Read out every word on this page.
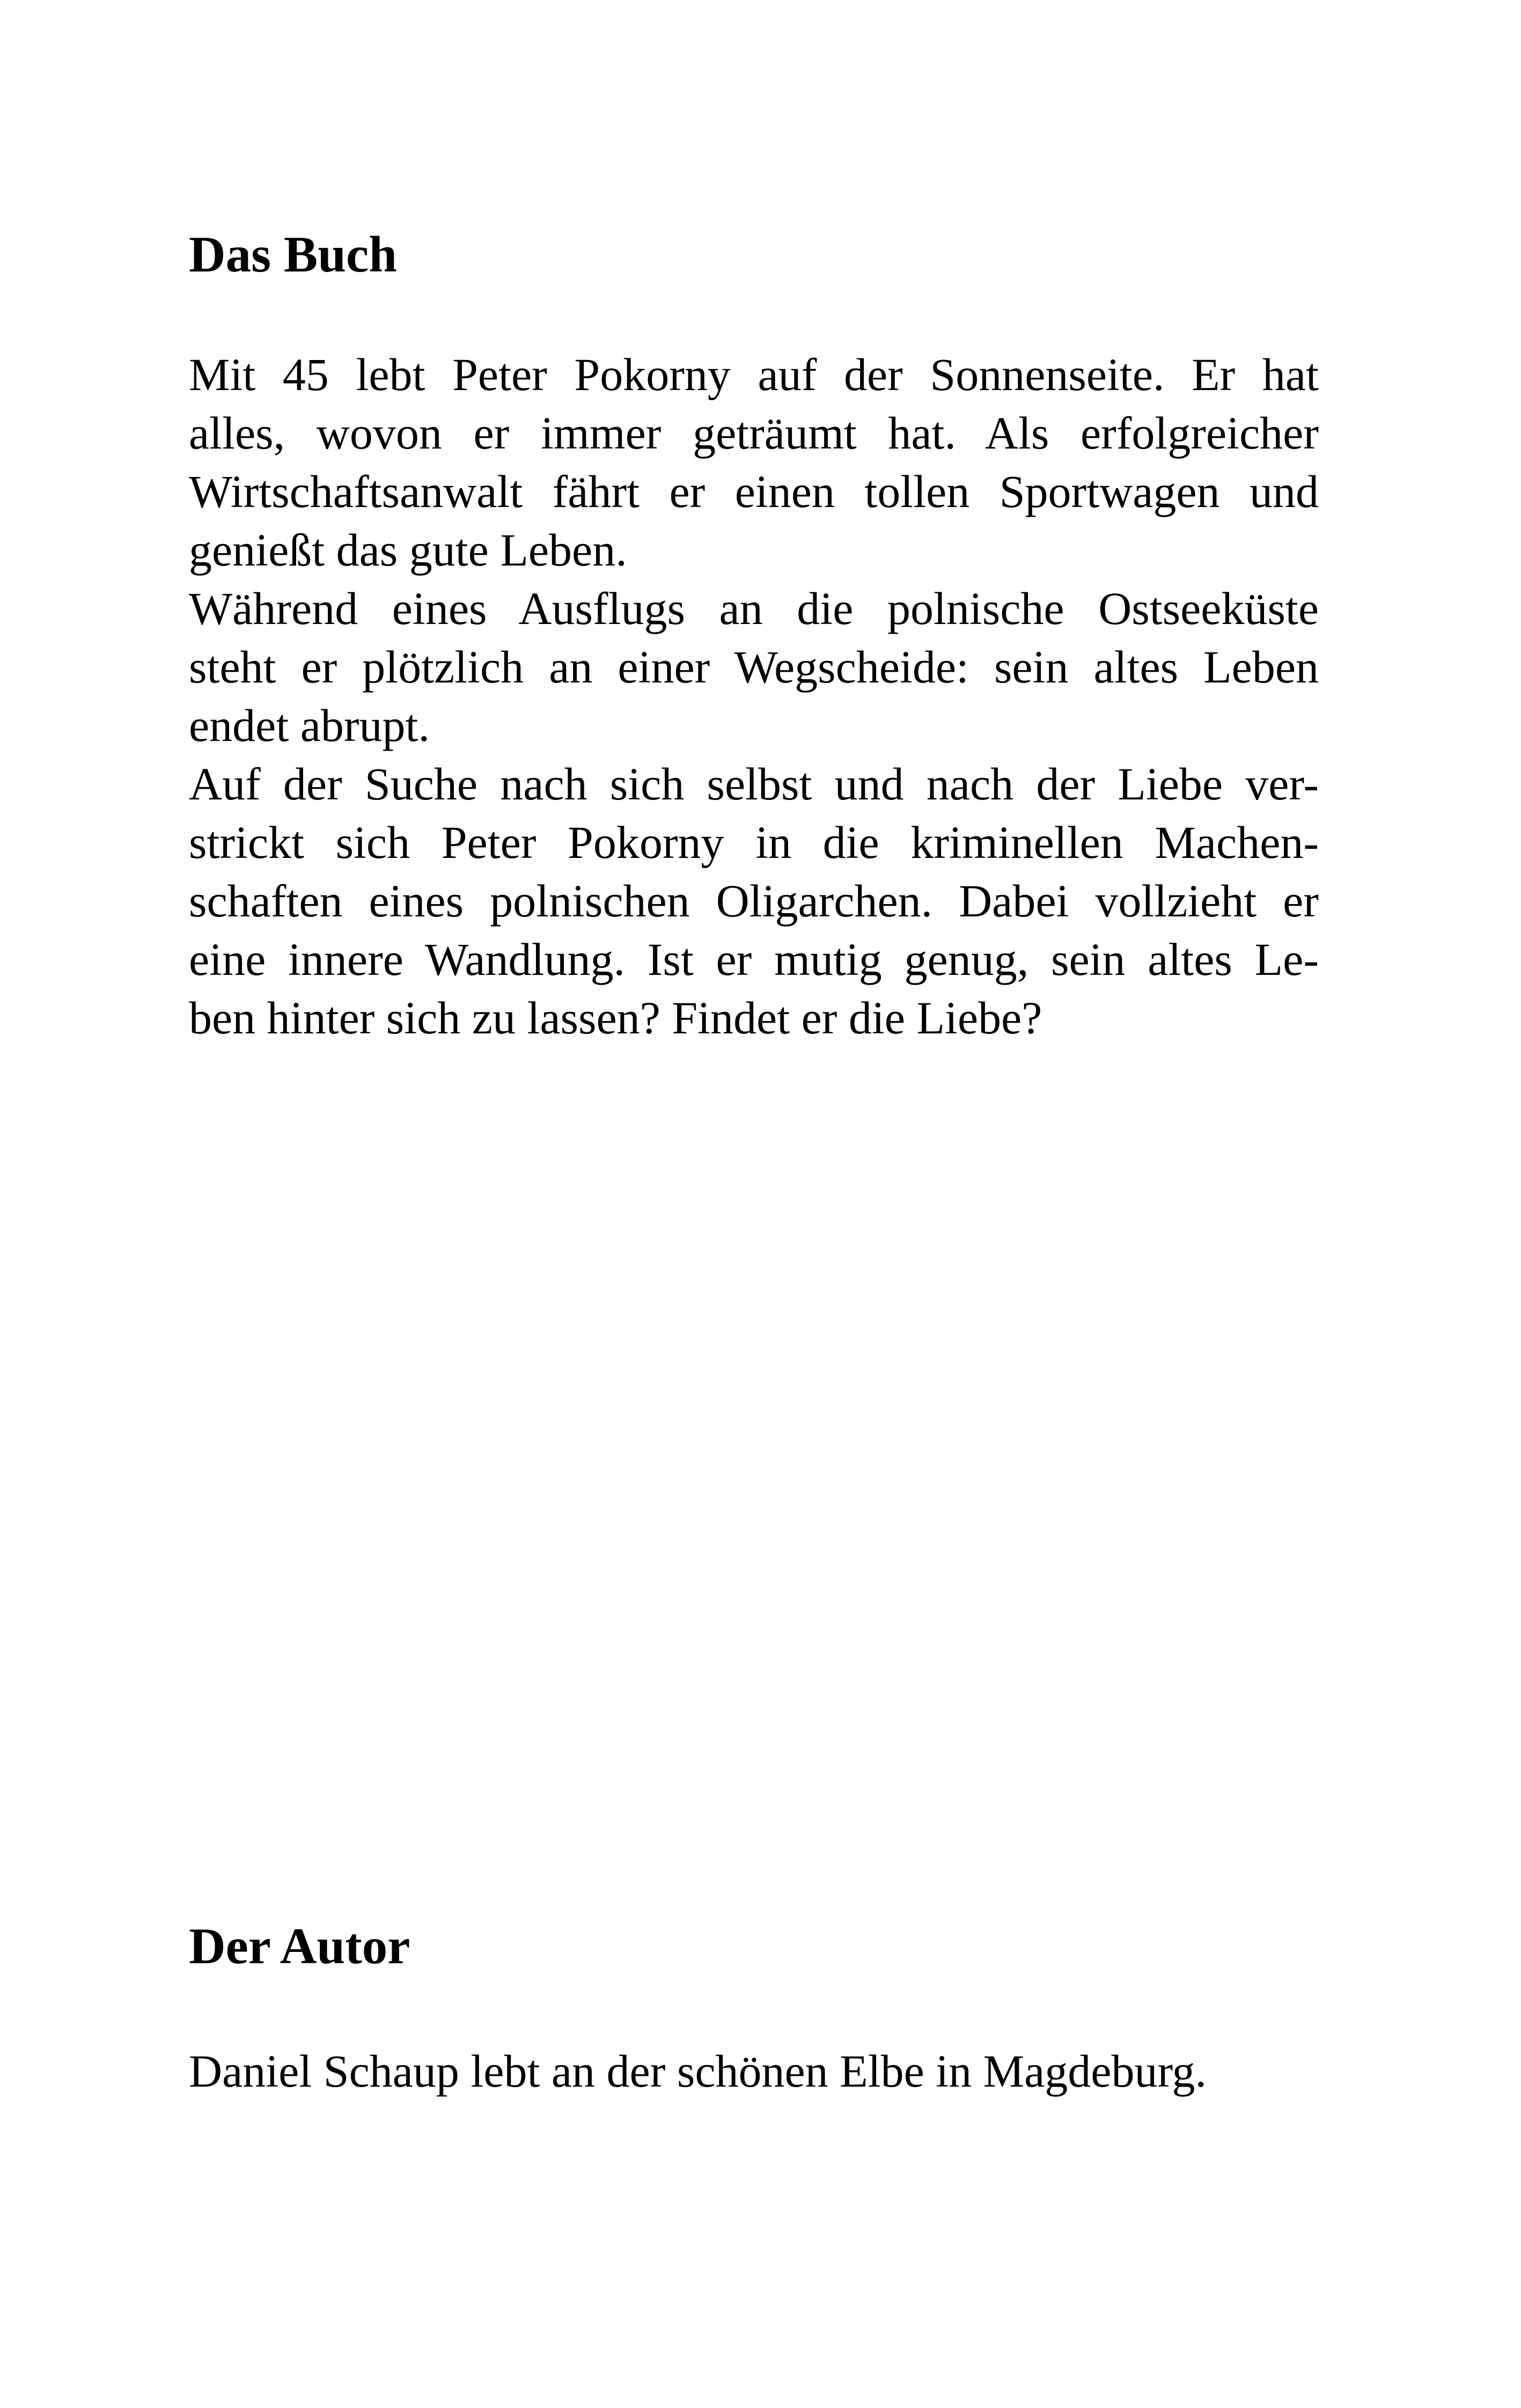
Das Buch
Mit 45 lebt Peter Pokorny auf der Sonnenseite. Er hat
alles, wovon er immer geträumt hat. Als erfolgreicher
Wirtschaftsanwalt fährt er einen tollen Sportwagen und
genießt das gute Leben.
Während eines Ausflugs an die polnische Ostseeküste
steht er plötzlich an einer Wegscheide: sein altes Leben
endet abrupt.
Auf der Suche nach sich selbst und nach der Liebe ver-
strickt sich Peter Pokorny in die kriminellen Machen-
schaften eines polnischen Oligarchen. Dabei vollzieht er
eine innere Wandlung. Ist er mutig genug, sein altes Le-
ben hinter sich zu lassen? Findet er die Liebe?
Der Autor
Daniel Schaup lebt an der schönen Elbe in Magdeburg.
